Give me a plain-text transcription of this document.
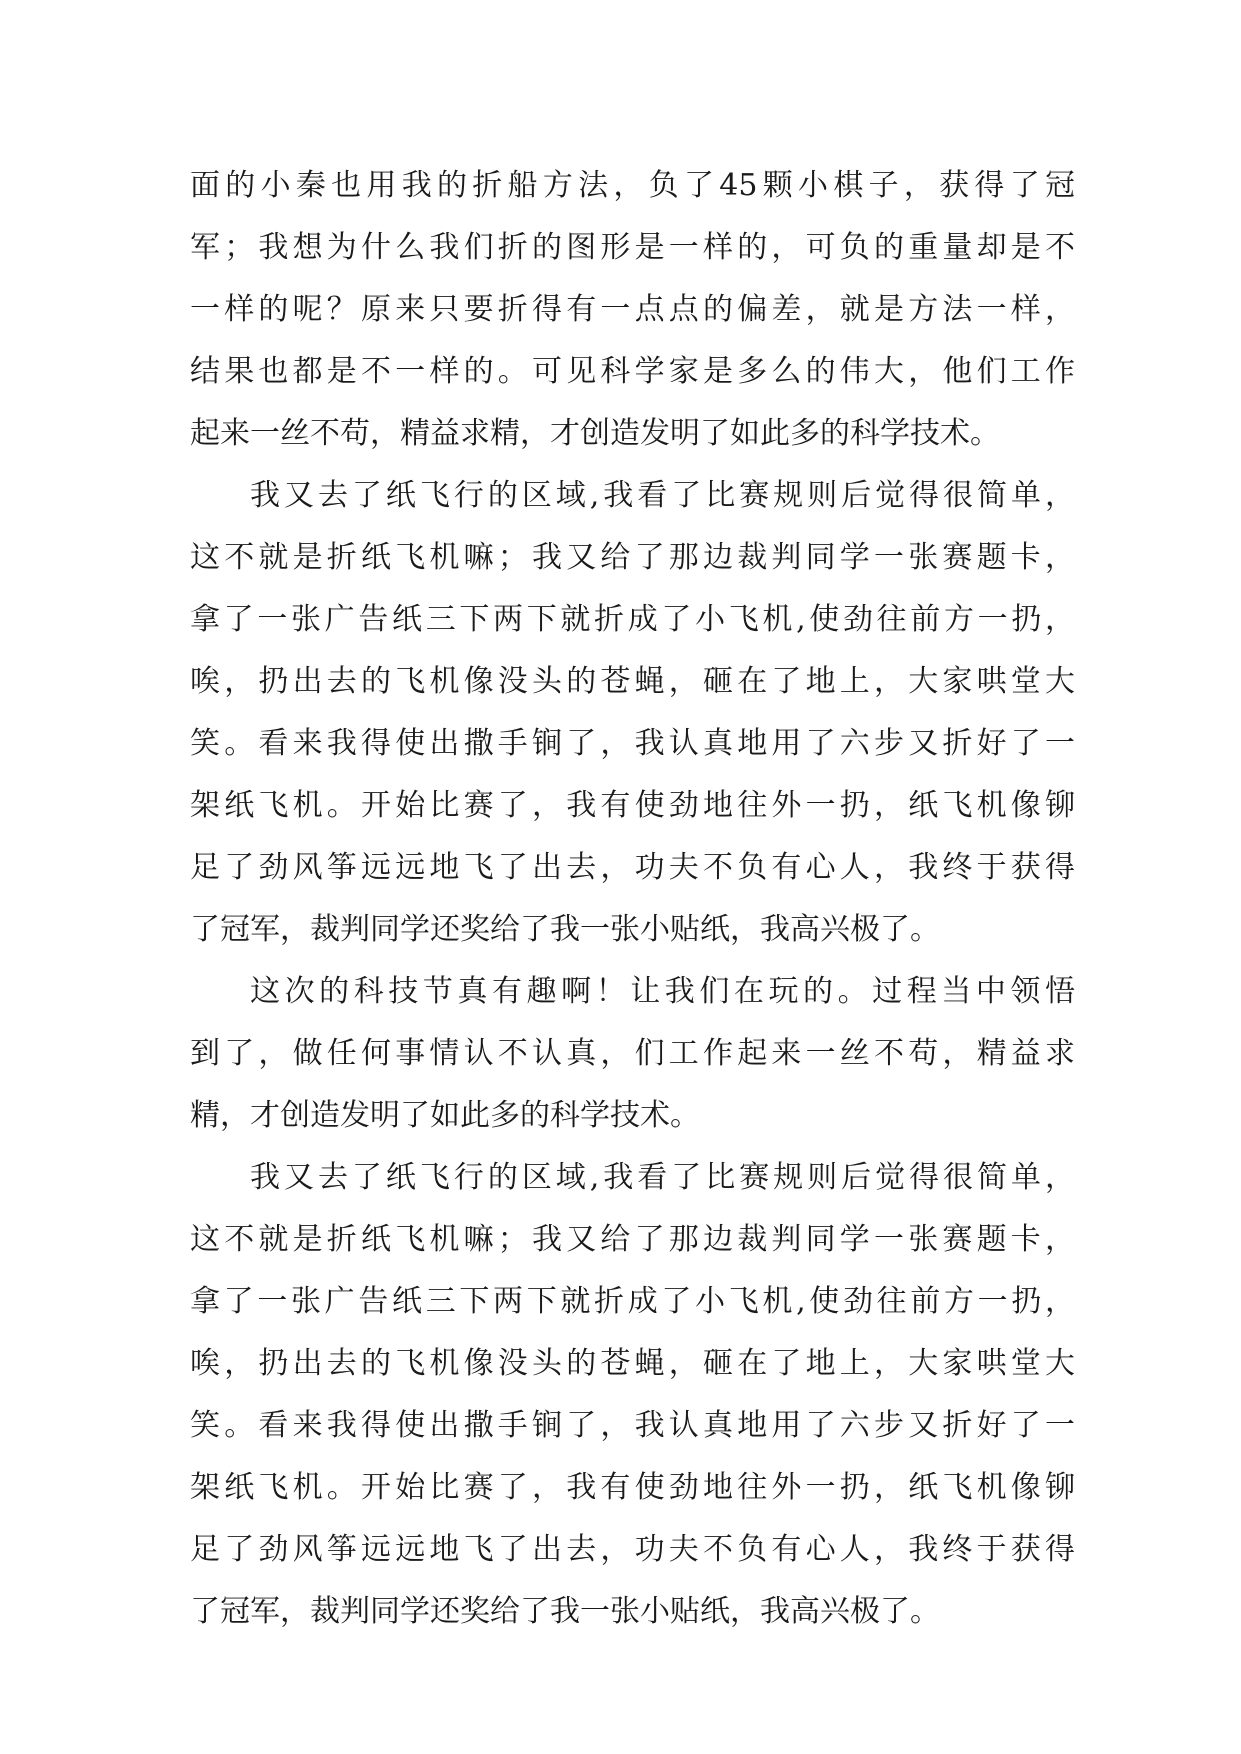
面的小秦也用我的折船方法，负了45颗小棋子，获得了冠
军；我想为什么我们折的图形是一样的，可负的重量却是不
一样的呢？原来只要折得有一点点的偏差，就是方法一样，
结果也都是不一样的。可见科学家是多么的伟大，他们工作
起来一丝不苟，精益求精，才创造发明了如此多的科学技术。
我又去了纸飞行的区域,我看了比赛规则后觉得很简单，
这不就是折纸飞机嘛；我又给了那边裁判同学一张赛题卡，
拿了一张广告纸三下两下就折成了小飞机,使劲往前方一扔，
唉，扔出去的飞机像没头的苍蝇，砸在了地上，大家哄堂大
笑。看来我得使出撒手锏了，我认真地用了六步又折好了一
架纸飞机。开始比赛了，我有使劲地往外一扔，纸飞机像铆
足了劲风筝远远地飞了出去，功夫不负有心人，我终于获得
了冠军，裁判同学还奖给了我一张小贴纸，我高兴极了。
这次的科技节真有趣啊！让我们在玩的。过程当中领悟
到了，做任何事情认不认真，们工作起来一丝不苟，精益求
精，才创造发明了如此多的科学技术。
我又去了纸飞行的区域,我看了比赛规则后觉得很简单，
这不就是折纸飞机嘛；我又给了那边裁判同学一张赛题卡，
拿了一张广告纸三下两下就折成了小飞机,使劲往前方一扔，
唉，扔出去的飞机像没头的苍蝇，砸在了地上，大家哄堂大
笑。看来我得使出撒手锏了，我认真地用了六步又折好了一
架纸飞机。开始比赛了，我有使劲地往外一扔，纸飞机像铆
足了劲风筝远远地飞了出去，功夫不负有心人，我终于获得
了冠军，裁判同学还奖给了我一张小贴纸，我高兴极了。
